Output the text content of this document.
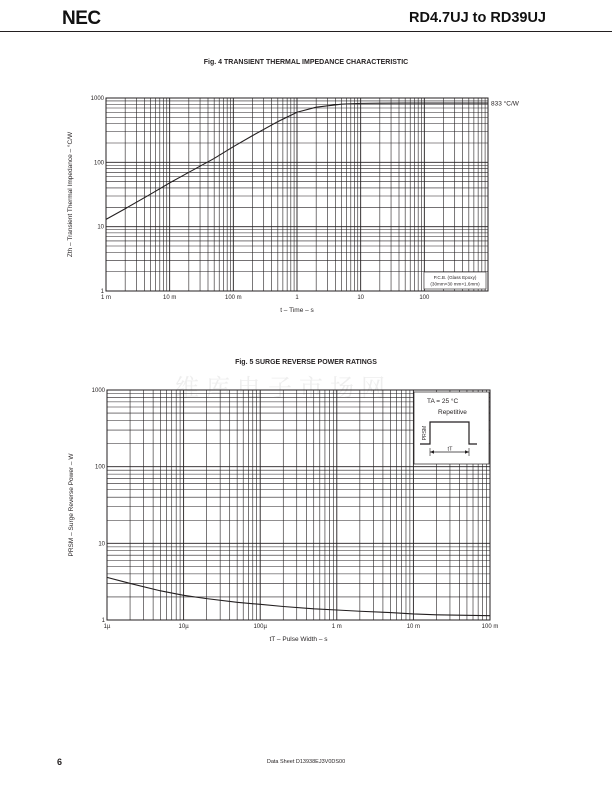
NEC	RD4.7UJ to RD39UJ
维库电子市场网
Fig. 4 TRANSIENT THERMAL IMPEDANCE CHARACTERISTIC
1 m	10 m	100 m	1	10	100
1
10
100
1000
t – Time – s
Zth – Transient Thermal Impedance – °C/W
833 °C/W
P.C.B. (Glass Epoxy)
(30mm×30 mm×1.6mm)
Fig. 5 SURGE REVERSE POWER RATINGS
1µ	10µ	100µ	1 m	10 m	100 m
1
10
100
1000
tT – Pulse Width – s
PRSM – Surge Reverse Power – W
TA = 25 °C
Repetitive
PRSM
tT
6	Data Sheet D13938EJ3V0DS00
